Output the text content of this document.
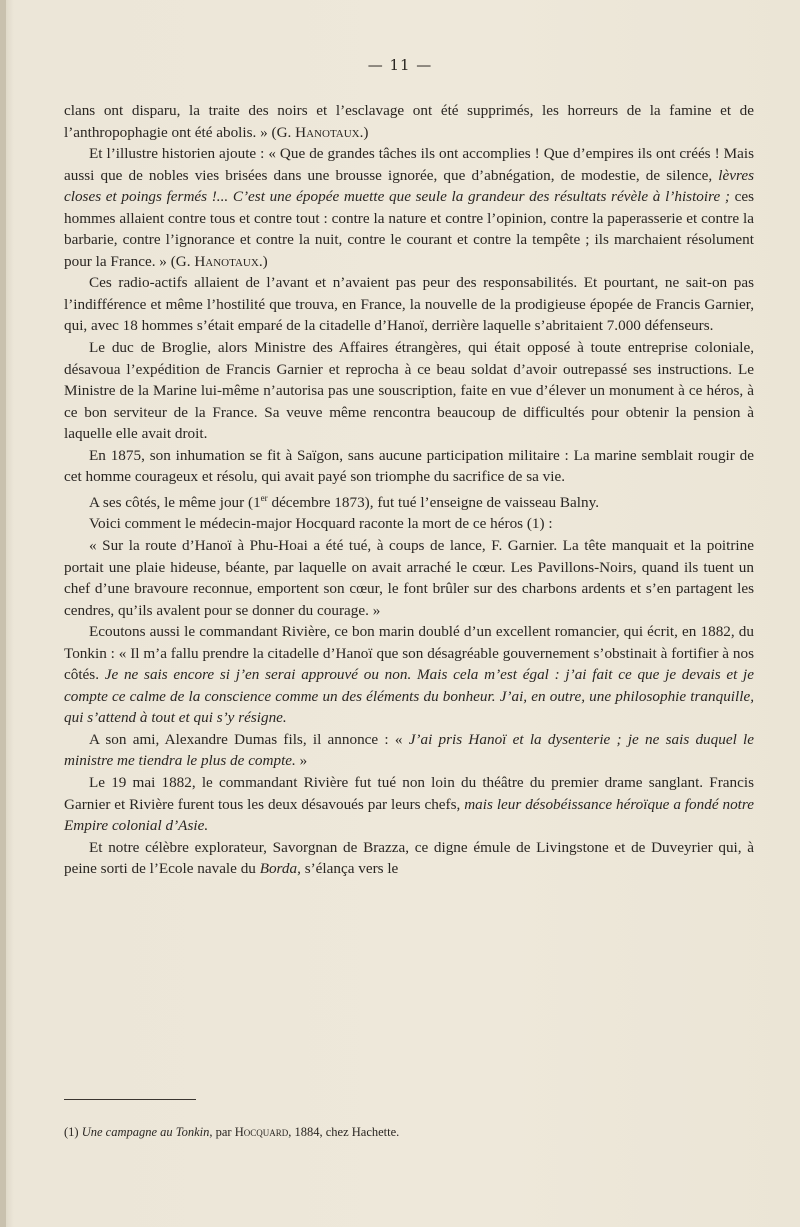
— 11 —

clans ont disparu, la traite des noirs et l’esclavage ont été supprimés, les horreurs de la famine et de l’anthropophagie ont été abolis. » (G. Hanotaux.)

Et l’illustre historien ajoute : « Que de grandes tâches ils ont accomplies ! Que d’empires ils ont créés ! Mais aussi que de nobles vies brisées dans une brousse ignorée, que d’abnégation, de modestie, de silence, lèvres closes et poings fermés !... C’est une épopée muette que seule la grandeur des résultats révèle à l’histoire ; ces hommes allaient contre tous et contre tout : contre la nature et contre l’opinion, contre la paperasserie et contre la barbarie, contre l’ignorance et contre la nuit, contre le courant et contre la tempête ; ils marchaient résolument pour la France. » (G. Hanotaux.)

Ces radio-actifs allaient de l’avant et n’avaient pas peur des responsabilités. Et pourtant, ne sait-on pas l’indifférence et même l’hostilité que trouva, en France, la nouvelle de la prodigieuse épopée de Francis Garnier, qui, avec 18 hommes s’était emparé de la citadelle d’Hanoï, derrière laquelle s’abritaient 7.000 défenseurs.

Le duc de Broglie, alors Ministre des Affaires étrangères, qui était opposé à toute entreprise coloniale, désavoua l’expédition de Francis Garnier et reprocha à ce beau soldat d’avoir outrepassé ses instructions. Le Ministre de la Marine lui-même n’autorisa pas une souscription, faite en vue d’élever un monument à ce héros, à ce bon serviteur de la France. Sa veuve même rencontra beaucoup de difficultés pour obtenir la pension à laquelle elle avait droit.

En 1875, son inhumation se fit à Saïgon, sans aucune participation militaire : La marine semblait rougir de cet homme courageux et résolu, qui avait payé son triomphe du sacrifice de sa vie.

A ses côtés, le même jour (1er décembre 1873), fut tué l’enseigne de vaisseau Balny.

Voici comment le médecin-major Hocquard raconte la mort de ce héros (1) :

« Sur la route d’Hanoï à Phu-Hoai a été tué, à coups de lance, F. Garnier. La tête manquait et la poitrine portait une plaie hideuse, béante, par laquelle on avait arraché le cœur. Les Pavillons-Noirs, quand ils tuent un chef d’une bravoure reconnue, emportent son cœur, le font brûler sur des charbons ardents et s’en partagent les cendres, qu’ils avalent pour se donner du courage. »

Ecoutons aussi le commandant Rivière, ce bon marin doublé d’un excellent romancier, qui écrit, en 1882, du Tonkin : « Il m’a fallu prendre la citadelle d’Hanoï que son désagréable gouvernement s’obstinait à fortifier à nos côtés. Je ne sais encore si j’en serai approuvé ou non. Mais cela m’est égal : j’ai fait ce que je devais et je compte ce calme de la conscience comme un des éléments du bonheur. J’ai, en outre, une philosophie tranquille, qui s’attend à tout et qui s’y résigne.

A son ami, Alexandre Dumas fils, il annonce : « J’ai pris Hanoï et la dysenterie ; je ne sais duquel le ministre me tiendra le plus de compte. »

Le 19 mai 1882, le commandant Rivière fut tué non loin du théâtre du premier drame sanglant. Francis Garnier et Rivière furent tous les deux désavoués par leurs chefs, mais leur désobéissance héroïque a fondé notre Empire colonial d’Asie.

Et notre célèbre explorateur, Savorgnan de Brazza, ce digne émule de Livingstone et de Duveyrier qui, à peine sorti de l’Ecole navale du Borda, s’élança vers le

(1) Une campagne au Tonkin, par Hocquard, 1884, chez Hachette.
